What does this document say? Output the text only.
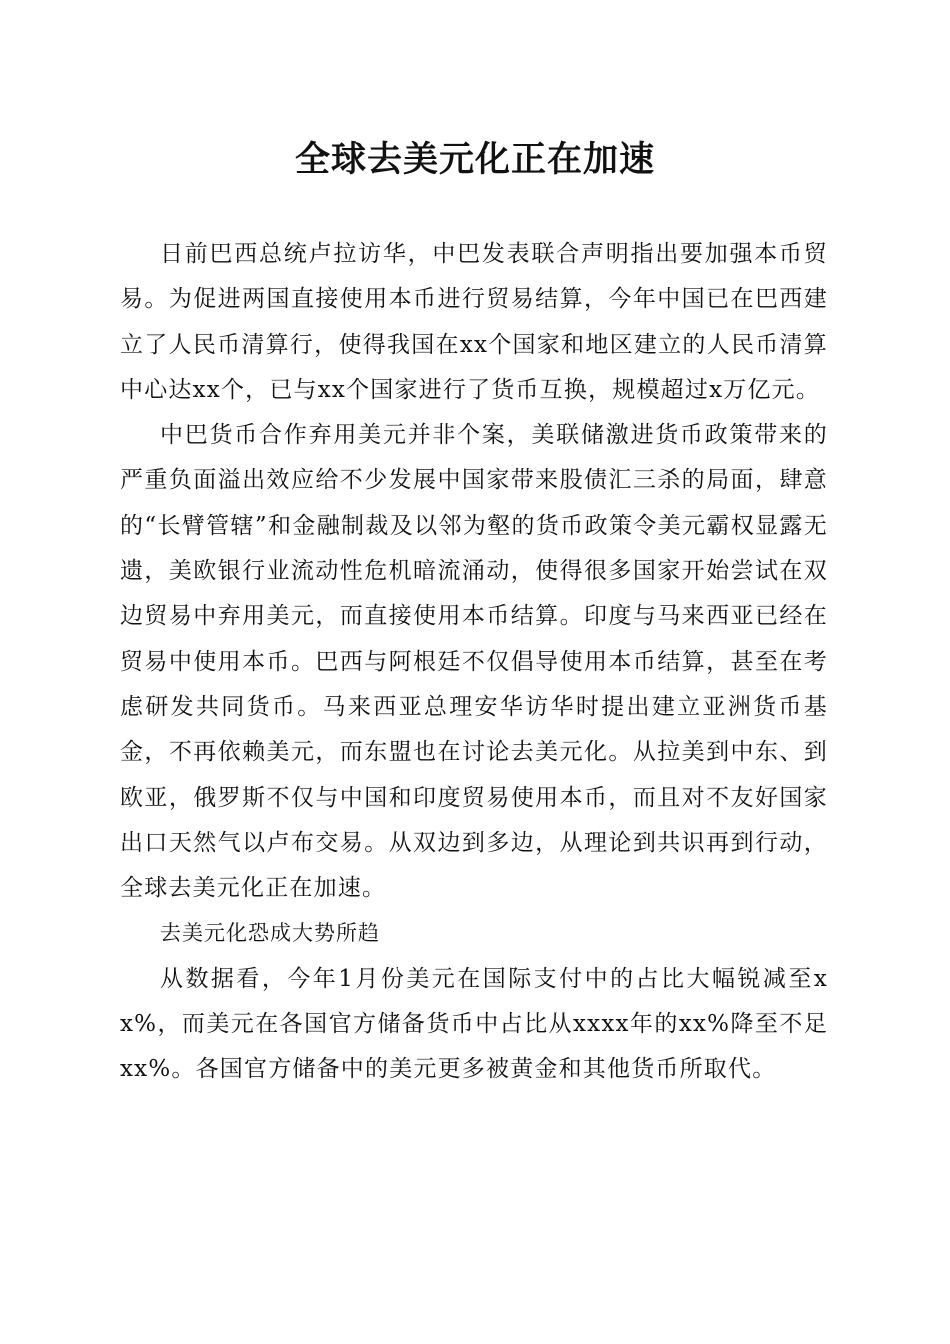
全球去美元化正在加速

日前巴西总统卢拉访华，中巴发表联合声明指出要加强本币贸易。为促进两国直接使用本币进行贸易结算，今年中国已在巴西建立了人民币清算行，使得我国在xx个国家和地区建立的人民币清算中心达xx个，已与xx个国家进行了货币互换，规模超过x万亿元。

中巴货币合作弃用美元并非个案，美联储激进货币政策带来的严重负面溢出效应给不少发展中国家带来股债汇三杀的局面，肆意的“长臂管辖”和金融制裁及以邻为壑的货币政策令美元霸权显露无遗，美欧银行业流动性危机暗流涌动，使得很多国家开始尝试在双边贸易中弃用美元，而直接使用本币结算。印度与马来西亚已经在贸易中使用本币。巴西与阿根廷不仅倡导使用本币结算，甚至在考虑研发共同货币。马来西亚总理安华访华时提出建立亚洲货币基金，不再依赖美元，而东盟也在讨论去美元化。从拉美到中东、到欧亚，俄罗斯不仅与中国和印度贸易使用本币，而且对不友好国家出口天然气以卢布交易。从双边到多边，从理论到共识再到行动，全球去美元化正在加速。

去美元化恐成大势所趋

从数据看，今年1月份美元在国际支付中的占比大幅锐减至xx%，而美元在各国官方储备货币中占比从xxxx年的xx%降至不足xx%。各国官方储备中的美元更多被黄金和其他货币所取代。
